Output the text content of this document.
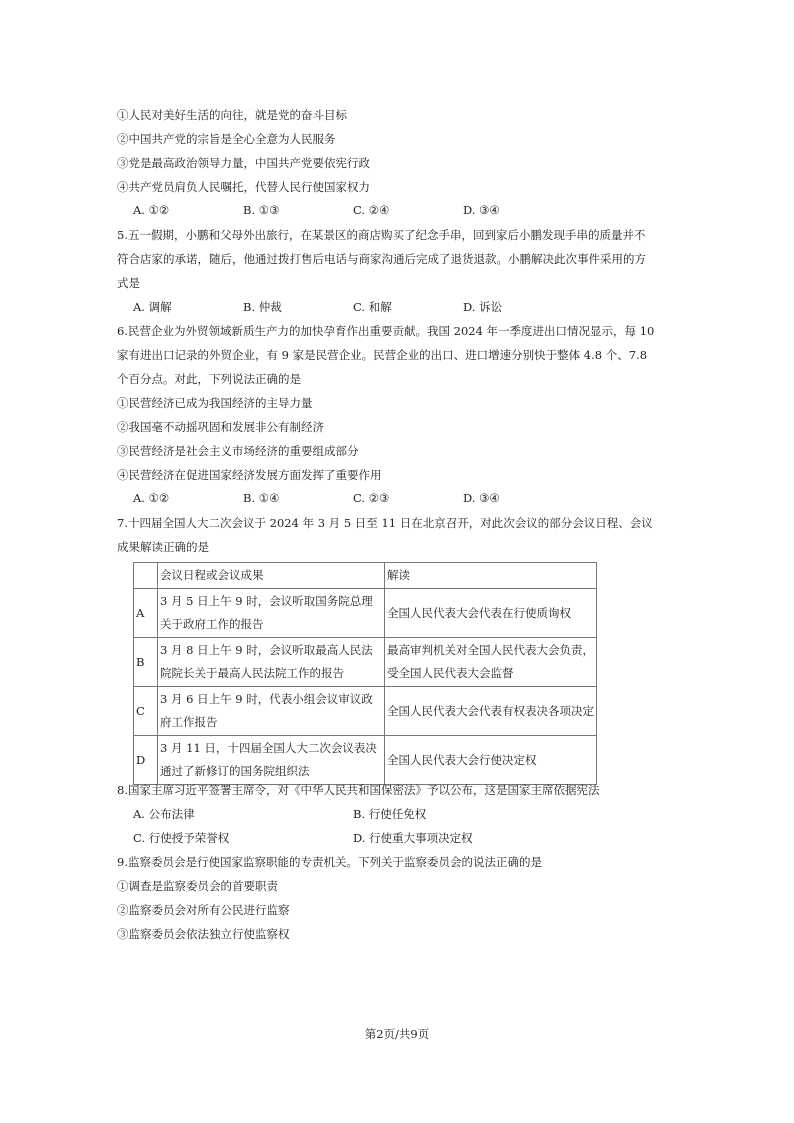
①人民对美好生活的向往，就是党的奋斗目标
②中国共产党的宗旨是全心全意为人民服务
③党是最高政治领导力量，中国共产党要依宪行政
④共产党员肩负人民嘱托，代替人民行使国家权力
A. ①②	B. ①③	C. ②④	D. ③④
5.五一假期，小鹏和父母外出旅行，在某景区的商店购买了纪念手串，回到家后小鹏发现手串的质量并不
符合店家的承诺，随后，他通过拨打售后电话与商家沟通后完成了退货退款。小鹏解决此次事件采用的方
式是
A. 调解	B. 仲裁	C. 和解	D. 诉讼
6.民营企业为外贸领域新质生产力的加快孕育作出重要贡献。我国 2024 年一季度进出口情况显示，每 10
家有进出口记录的外贸企业，有 9 家是民营企业。民营企业的出口、进口增速分别快于整体 4.8 个、7.8
个百分点。对此，下列说法正确的是
①民营经济已成为我国经济的主导力量
②我国毫不动摇巩固和发展非公有制经济
③民营经济是社会主义市场经济的重要组成部分
④民营经济在促进国家经济发展方面发挥了重要作用
A. ①②	B. ①④	C. ②③	D. ③④
7.十四届全国人大二次会议于 2024 年 3 月 5 日至 11 日在北京召开，对此次会议的部分会议日程、会议
成果解读正确的是
	会议日程或会议成果	解读
A	3 月 5 日上午 9 时，会议听取国务院总理关于政府工作的报告	全国人民代表大会代表在行使质询权
B	3 月 8 日上午 9 时，会议听取最高人民法院院长关于最高人民法院工作的报告	最高审判机关对全国人民代表大会负责，受全国人民代表大会监督
C	3 月 6 日上午 9 时，代表小组会议审议政府工作报告	全国人民代表大会代表有权表决各项决定
D	3 月 11 日，十四届全国人大二次会议表决通过了新修订的国务院组织法	全国人民代表大会行使决定权
8.国家主席习近平签署主席令，对《中华人民共和国保密法》予以公布，这是国家主席依据宪法
A. 公布法律	B. 行使任免权
C. 行使授予荣誉权	D. 行使重大事项决定权
9.监察委员会是行使国家监察职能的专责机关。下列关于监察委员会的说法正确的是
①调查是监察委员会的首要职责
②监察委员会对所有公民进行监察
③监察委员会依法独立行使监察权
第2页/共9页
